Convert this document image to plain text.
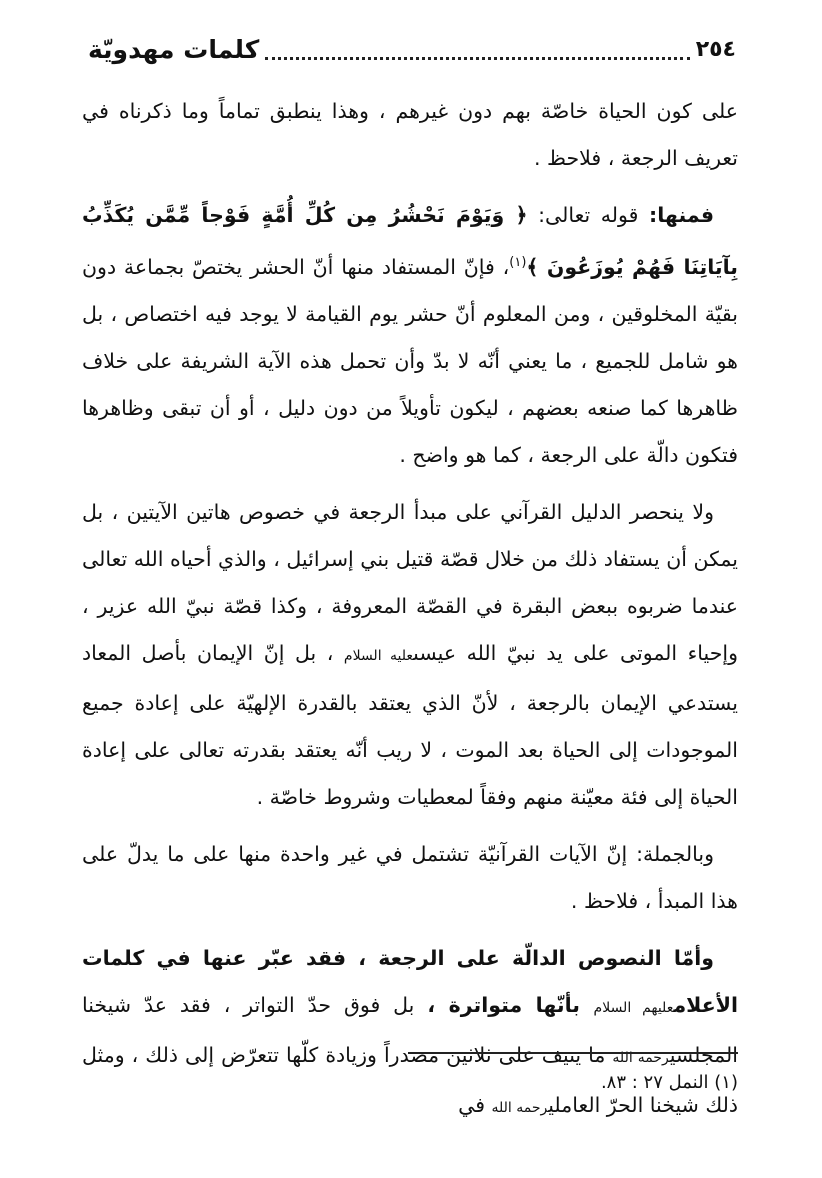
٢٥٤
كلمات مهدويّة

على كون الحياة خاصّة بهم دون غيرهم ، وهذا ينطبق تماماً وما ذكرناه في تعريف الرجعة ، فلاحظ .

فمنها: قوله تعالى: ﴿ وَيَوْمَ نَحْشُرُ مِن كُلِّ أُمَّةٍ فَوْجاً مِّمَّن يُكَذِّبُ بِآيَاتِنَا فَهُمْ يُوزَعُونَ ﴾$^{(١)}$، فإنّ المستفاد منها أنّ الحشر يختصّ بجماعة دون بقيّة المخلوقين ، ومن المعلوم أنّ حشر يوم القيامة لا يوجد فيه اختصاص ، بل هو شامل للجميع ، ما يعني أنّه لا بدّ وأن تحمل هذه الآية الشريفة على خلاف ظاهرها كما صنعه بعضهم ، ليكون تأويلاً من دون دليل ، أو أن تبقى وظاهرها فتكون دالّة على الرجعة ، كما هو واضح .

ولا ينحصر الدليل القرآني على مبدأ الرجعة في خصوص هاتين الآيتين ، بل يمكن أن يستفاد ذلك من خلال قصّة قتيل بني إسرائيل ، والذي أحياه الله تعالى عندما ضربوه ببعض البقرة في القصّة المعروفة ، وكذا قصّة نبيّ الله عزير ، وإحياء الموتى على يد نبيّ الله عيسىعليه السلام ، بل إنّ الإيمان بأصل المعاد يستدعي الإيمان بالرجعة ، لأنّ الذي يعتقد بالقدرة الإلهيّة على إعادة جميع الموجودات إلى الحياة بعد الموت ، لا ريب أنّه يعتقد بقدرته تعالى على إعادة الحياة إلى فئة معيّنة منهم وفقاً لمعطيات وشروط خاصّة .

وبالجملة: إنّ الآيات القرآنيّة تشتمل في غير واحدة منها على ما يدلّ على هذا المبدأ ، فلاحظ .

وأمّا النصوص الدالّة على الرجعة ، فقد عبّر عنها في كلمات الأعلامعليهم السلام بأنّها متواترة ، بل فوق حدّ التواتر ، فقد عدّ شيخنا المجلسيرحمه الله ما ينيف على ثلاثين مصدراً وزيادة كلّها تتعرّض إلى ذلك ، ومثل ذلك شيخنا الحرّ العامليرحمه الله في

(١) النمل ٢٧ : ٨٣.
